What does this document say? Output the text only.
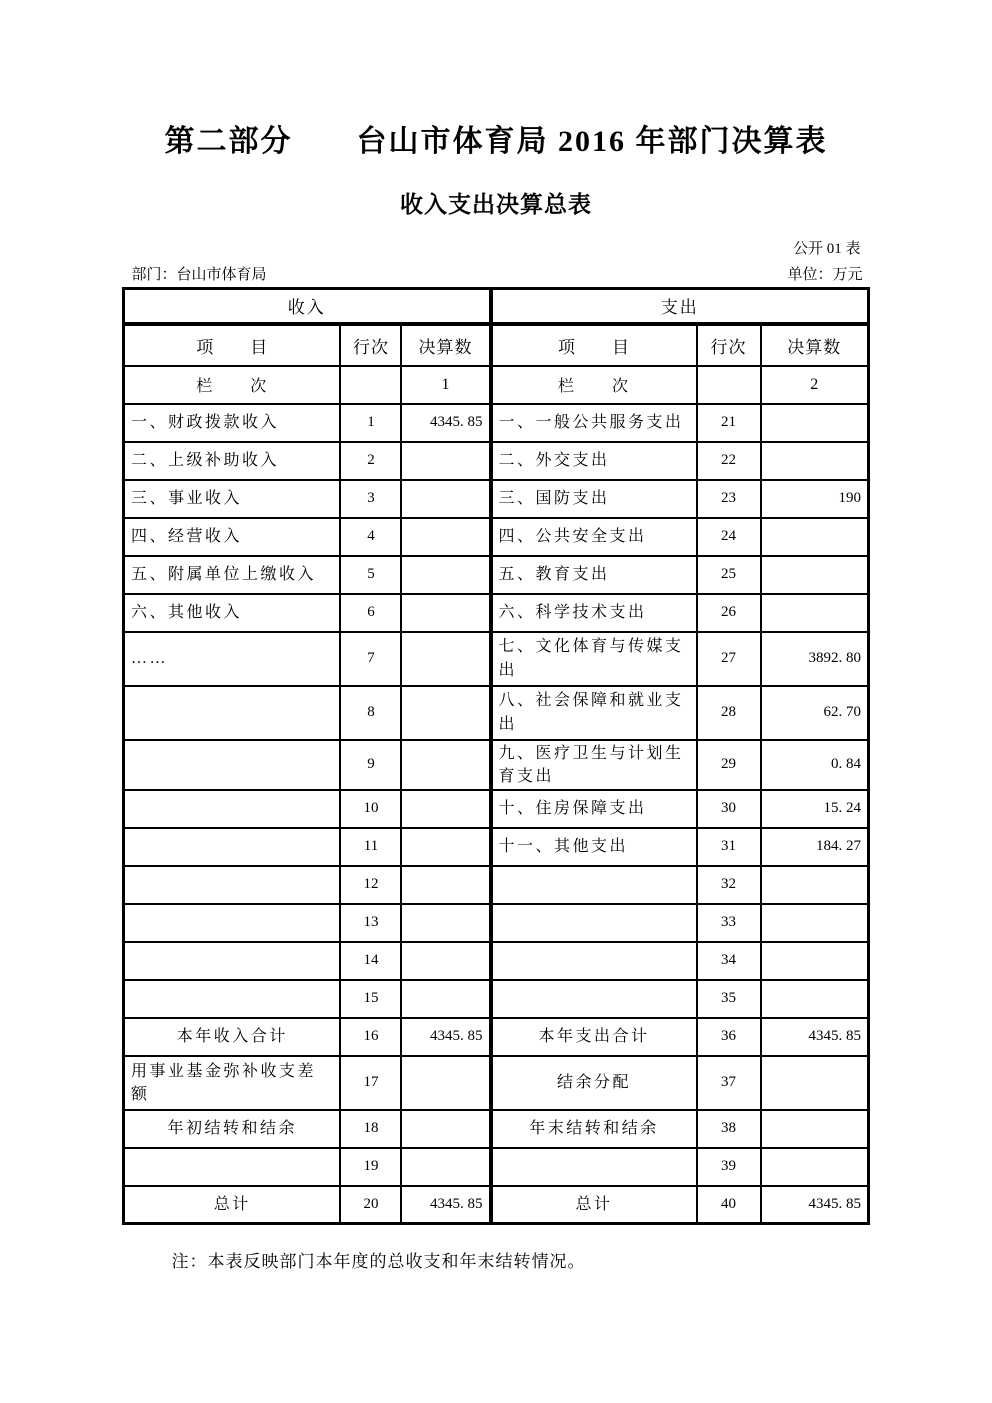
第二部分　　台山市体育局 2016 年部门决算表
收入支出决算总表
公开 01 表
部门：台山市体育局	单位：万元
收入			支出		
项　　目	行次	决算数	项　　目	行次	决算数
栏　　次		1	栏　　次		2
一、财政拨款收入	1	4345. 85	一、一般公共服务支出	21	
二、上级补助收入	2		二、外交支出	22	
三、事业收入	3		三、国防支出	23	190
四、经营收入	4		四、公共安全支出	24	
五、附属单位上缴收入	5		五、教育支出	25	
六、其他收入	6		六、科学技术支出	26	
……	7		七、文化体育与传媒支出	27	3892. 80
	8		八、社会保障和就业支出	28	62. 70
	9		九、医疗卫生与计划生育支出	29	0. 84
	10		十、住房保障支出	30	15. 24
	11		十一、其他支出	31	184. 27
	12			32	
	13			33	
	14			34	
	15			35	
本年收入合计	16	4345. 85	本年支出合计	36	4345. 85
用事业基金弥补收支差额	17		结余分配	37	
年初结转和结余	18		年末结转和结余	38	
	19			39	
总计	20	4345. 85	总计	40	4345. 85

注：本表反映部门本年度的总收支和年末结转情况。
